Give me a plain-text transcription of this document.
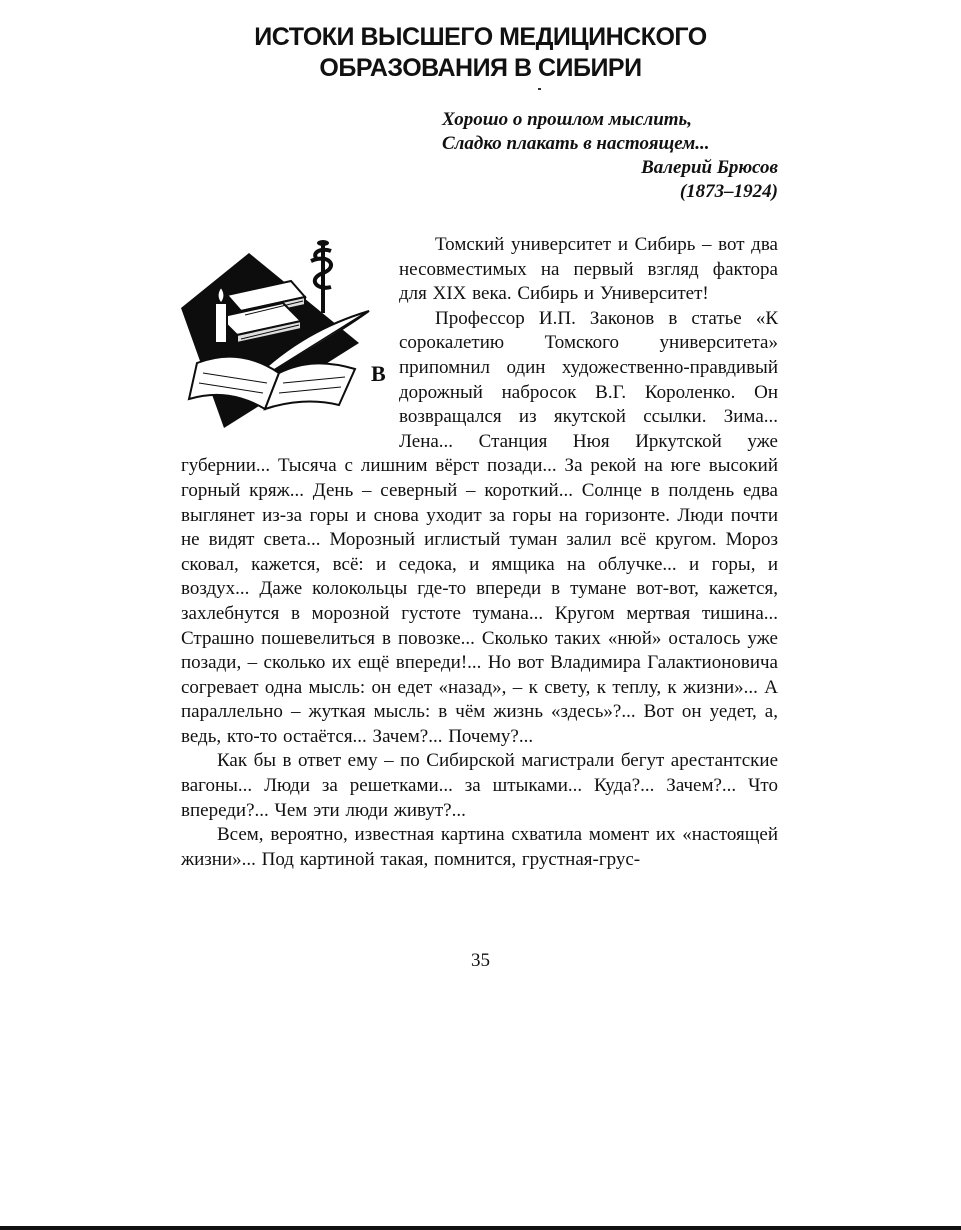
ИСТОКИ ВЫСШЕГО МЕДИЦИНСКОГО
ОБРАЗОВАНИЯ В СИБИРИ
Хорошо о прошлом мыслить,
Сладко плакать в настоящем...
Валерий Брюсов
(1873–1924)
В

Томский университет и Сибирь – вот два несовместимых на первый взгляд фактора для XIX века. Сибирь и Университет!

Профессор И.П. Законов в статье «К сорокалетию Томского университета» припомнил один художественно-правдивый дорожный набросок В.Г. Короленко. Он возвращался из якутской ссылки. Зима... Лена... Станция Нюя Иркутской уже губернии... Тысяча с лишним вёрст позади... За рекой на юге высокий горный кряж... День – северный – короткий... Солнце в полдень едва выглянет из-за горы и снова уходит за горы на горизонте. Люди почти не видят света... Морозный иглистый туман залил всё кругом. Мороз сковал, кажется, всё: и седока, и ямщика на облучке... и горы, и воздух... Даже колокольцы где-то впереди в тумане вот-вот, кажется, захлебнутся в морозной густоте тумана... Кругом мертвая тишина... Страшно пошевелиться в повозке... Сколько таких «нюй» осталось уже позади, – сколько их ещё впереди!... Но вот Владимира Галактионовича согревает одна мысль: он едет «назад», – к свету, к теплу, к жизни»... А параллельно – жуткая мысль: в чём жизнь «здесь»?... Вот он уедет, а, ведь, кто-то остаётся... Зачем?... Почему?...

Как бы в ответ ему – по Сибирской магистрали бегут арестантские вагоны... Люди за решетками... за штыками... Куда?... Зачем?... Что впереди?... Чем эти люди живут?...

Всем, вероятно, известная картина схватила момент их «настоящей жизни»... Под картиной такая, помнится, грустная-грус-

35
